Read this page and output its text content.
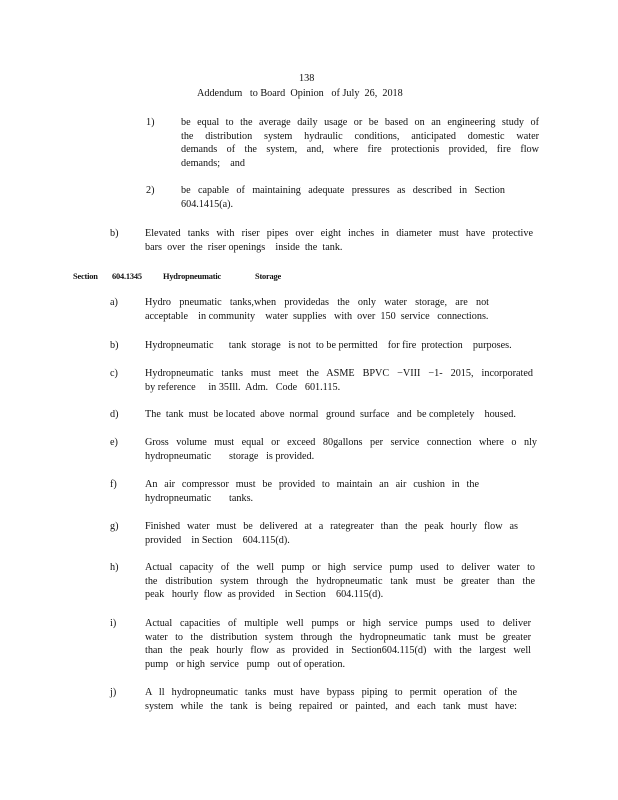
138
Addendum   to Board  Opinion   of July  26,  2018
1)	be equal to the average daily usage or be based on an engineering study of
the distribution system hydraulic conditions, anticipated domestic water
demands of the system, and, where fire protectionis provided, fire flow
demands;    and
2)	be capable of maintaining adequate pressures as described in Section
604.1415(a).
b)	Elevated tanks with riser pipes over eight inches in diameter must have protective
bars  over  the  riser openings    inside  the  tank.
Section 604.1345	Hydropneumatic	Storage
a)	Hydro pneumatic tanks,when providedas the only water storage, are not
acceptable    in community    water  supplies   with  over  150  service   connections.
b)	Hydropneumatic      tank  storage   is not  to be permitted    for fire  protection    purposes.
c)	Hydropneumatic tanks must meet the ASME BPVC −VIII −1- 2015, incorporated
by reference     in 35Ill.  Adm.   Code   601.115.
d)	The  tank  must  be located  above  normal   ground  surface   and  be completely    housed.
e)	Gross volume must equal or exceed 80gallons per service connection where o nly
hydropneumatic       storage   is provided.
f)	An air compressor must be provided to maintain an air cushion in the
hydropneumatic       tanks.
g)	Finished water must be delivered at a rategreater than the peak hourly flow as
provided    in Section    604.115(d).
h)	Actual capacity of the well pump or high service pump used to deliver water to
the distribution system through the hydropneumatic tank must be greater than the
peak   hourly  flow  as provided    in Section    604.115(d).
i)	Actual capacities of multiple well pumps or high service pumps used to deliver
water to the distribution system through the hydropneumatic tank must be greater
than the peak hourly flow as provided in Section604.115(d) with the largest well
pump   or high  service   pump   out of operation.
j)	A ll hydropneumatic tanks must have bypass piping to permit operation of the
system while the tank is being repaired or painted, and each tank must have:
